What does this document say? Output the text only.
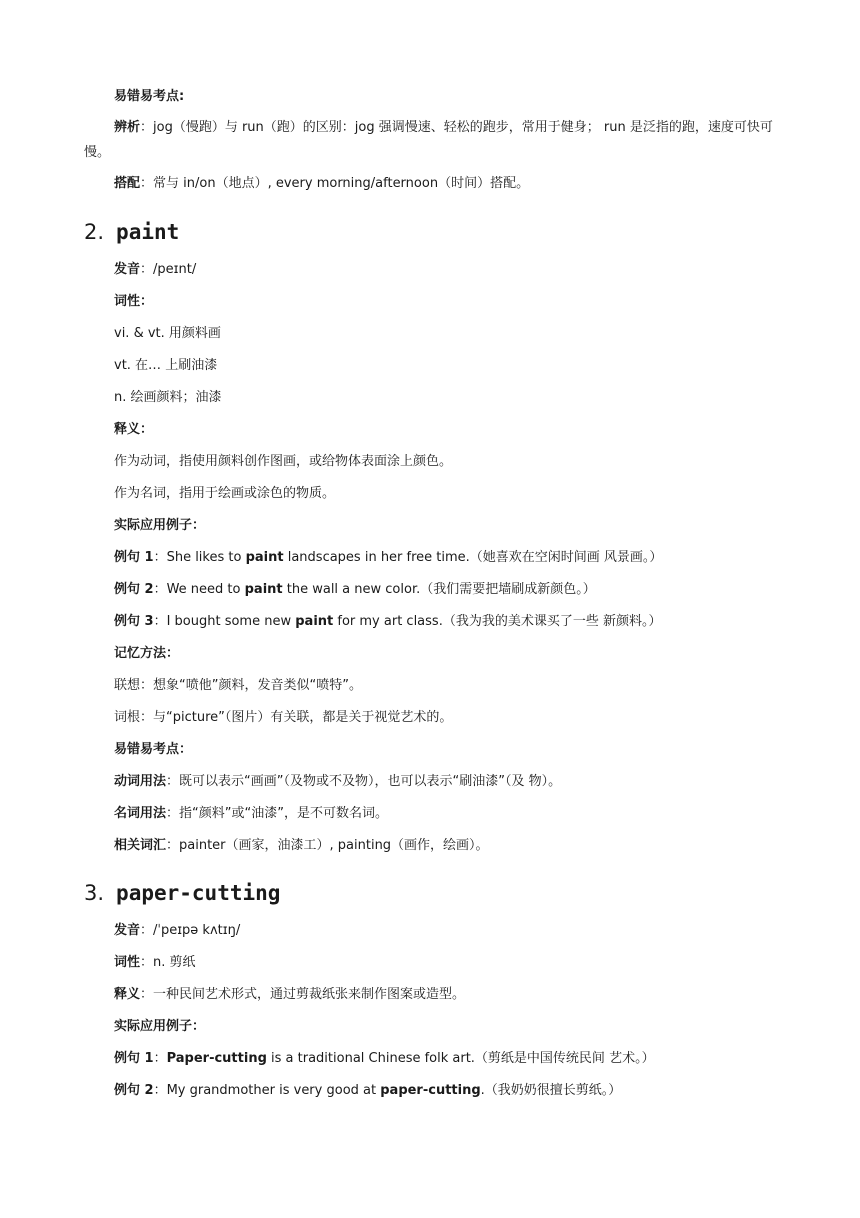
易错易考点:
辨析：jog（慢跑）与 run（跑）的区别：jog 强调慢速、轻松的跑步，常用于健身； run 是泛指的跑，速度可快可慢。
搭配：常与 in/on（地点）, every morning/afternoon（时间）搭配。
2. paint
发音：/peɪnt/
词性：
vi. & vt. 用颜料画
vt. 在… 上刷油漆
n. 绘画颜料；油漆
释义：
作为动词，指使用颜料创作图画，或给物体表面涂上颜色。
作为名词，指用于绘画或涂色的物质。
实际应用例子：
例句 1：She likes to paint landscapes in her free time.（她喜欢在空闲时间画 风景画。）
例句 2：We need to paint the wall a new color.（我们需要把墙刷成新颜色。）
例句 3：I bought some new paint for my art class.（我为我的美术课买了一些 新颜料。）
记忆方法：
联想：想象“喷他”颜料，发音类似“喷特”。
词根：与“picture”（图片）有关联，都是关于视觉艺术的。
易错易考点：
动词用法：既可以表示“画画”（及物或不及物），也可以表示“刷油漆”（及 物）。
名词用法：指“颜料”或“油漆”，是不可数名词。
相关词汇：painter（画家，油漆工）, painting（画作，绘画）。
3. paper-cutting
发音：/ˈpeɪpə kʌtɪŋ/
词性：n. 剪纸
释义：一种民间艺术形式，通过剪裁纸张来制作图案或造型。
实际应用例子：
例句 1：Paper-cutting is a traditional Chinese folk art.（剪纸是中国传统民间 艺术。）
例句 2：My grandmother is very good at paper-cutting.（我奶奶很擅长剪纸。）
